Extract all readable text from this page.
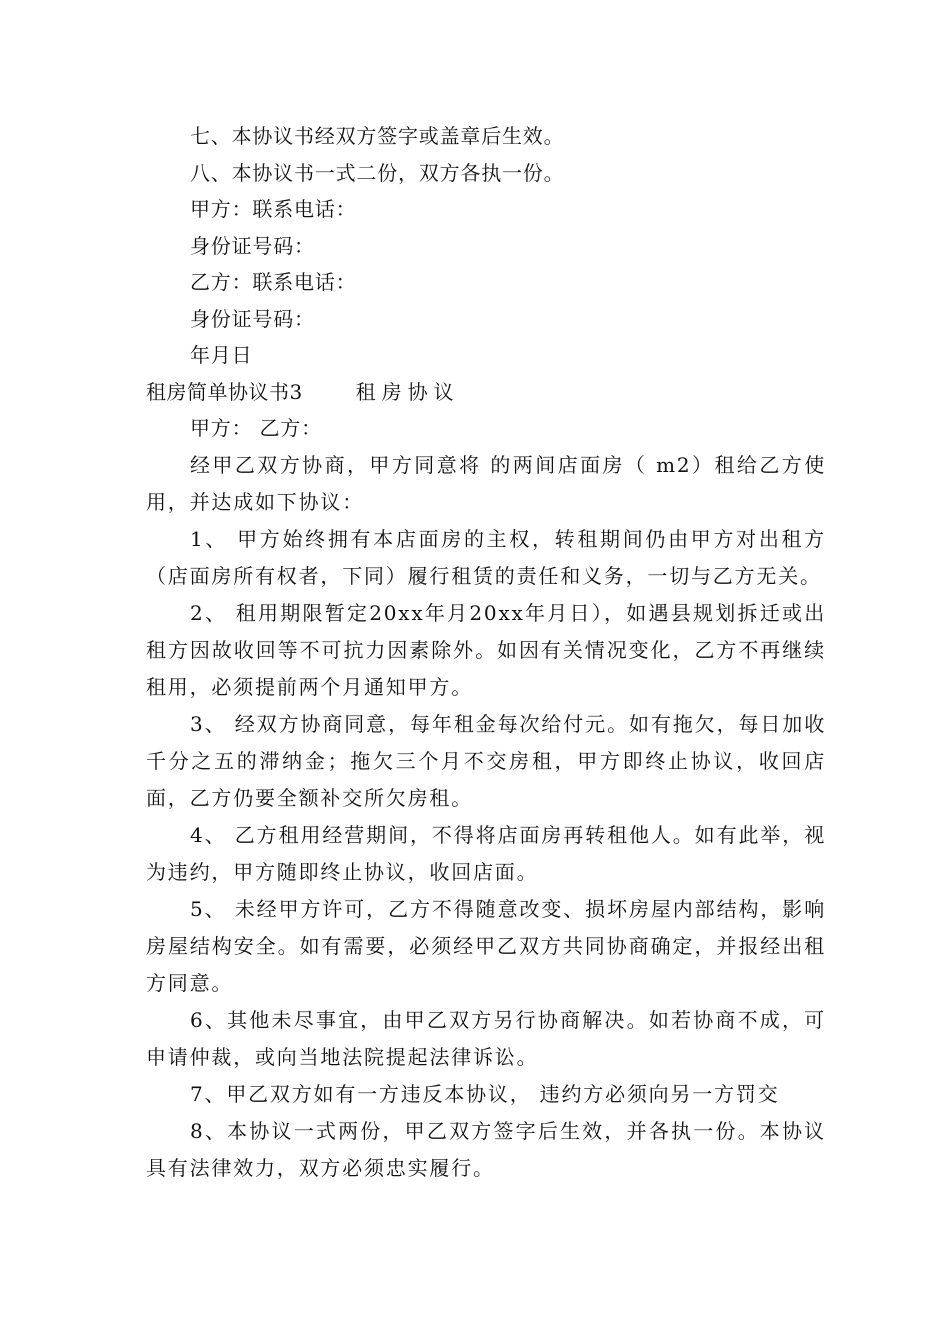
七、本协议书经双方签字或盖章后生效。
八、本协议书一式二份，双方各执一份。
甲方：联系电话：
身份证号码：
乙方：联系电话：
身份证号码：
年月日
租房简单协议书3	租房协议
甲方： 乙方：

经甲乙双方协商，甲方同意将 的两间店面房（ m2）租给乙方使用，并达成如下协议：

1、 甲方始终拥有本店面房的主权，转租期间仍由甲方对出租方（店面房所有权者，下同）履行租赁的责任和义务，一切与乙方无关。

2、 租用期限暂定20xx年月20xx年月日），如遇县规划拆迁或出租方因故收回等不可抗力因素除外。如因有关情况变化，乙方不再继续租用，必须提前两个月通知甲方。

3、 经双方协商同意，每年租金每次给付元。如有拖欠，每日加收千分之五的滞纳金；拖欠三个月不交房租，甲方即终止协议，收回店面，乙方仍要全额补交所欠房租。

4、 乙方租用经营期间，不得将店面房再转租他人。如有此举，视为违约，甲方随即终止协议，收回店面。

5、 未经甲方许可，乙方不得随意改变、损坏房屋内部结构，影响房屋结构安全。如有需要，必须经甲乙双方共同协商确定，并报经出租方同意。

6、其他未尽事宜，由甲乙双方另行协商解决。如若协商不成，可申请仲裁，或向当地法院提起法律诉讼。

7、甲乙双方如有一方违反本协议， 违约方必须向另一方罚交

8、本协议一式两份，甲乙双方签字后生效，并各执一份。本协议具有法律效力，双方必须忠实履行。
